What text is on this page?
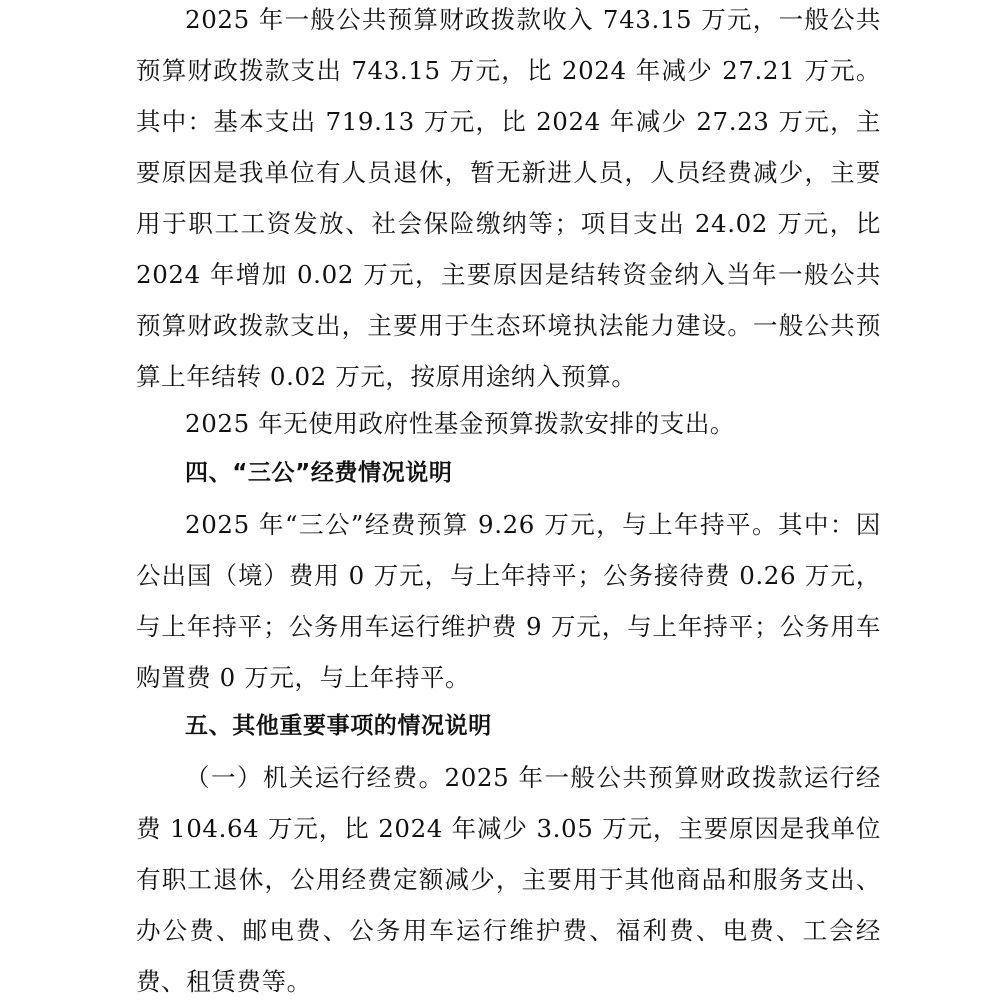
2025 年一般公共预算财政拨款收入 743.15 万元，一般公共预算财政拨款支出 743.15 万元，比 2024 年减少 27.21 万元。其中：基本支出 719.13 万元，比 2024 年减少 27.23 万元，主要原因是我单位有人员退休，暂无新进人员，人员经费减少，主要用于职工工资发放、社会保险缴纳等；项目支出 24.02 万元，比 2024 年增加 0.02 万元，主要原因是结转资金纳入当年一般公共预算财政拨款支出，主要用于生态环境执法能力建设。一般公共预算上年结转 0.02 万元，按原用途纳入预算。

2025 年无使用政府性基金预算拨款安排的支出。

四、“三公”经费情况说明

2025 年“三公”经费预算 9.26 万元，与上年持平。其中：因公出国（境）费用 0 万元，与上年持平；公务接待费 0.26 万元，与上年持平；公务用车运行维护费 9 万元，与上年持平；公务用车购置费 0 万元，与上年持平。

五、其他重要事项的情况说明

（一）机关运行经费。2025 年一般公共预算财政拨款运行经费 104.64 万元，比 2024 年减少 3.05 万元，主要原因是我单位有职工退休，公用经费定额减少，主要用于其他商品和服务支出、办公费、邮电费、公务用车运行维护费、福利费、电费、工会经费、租赁费等。
